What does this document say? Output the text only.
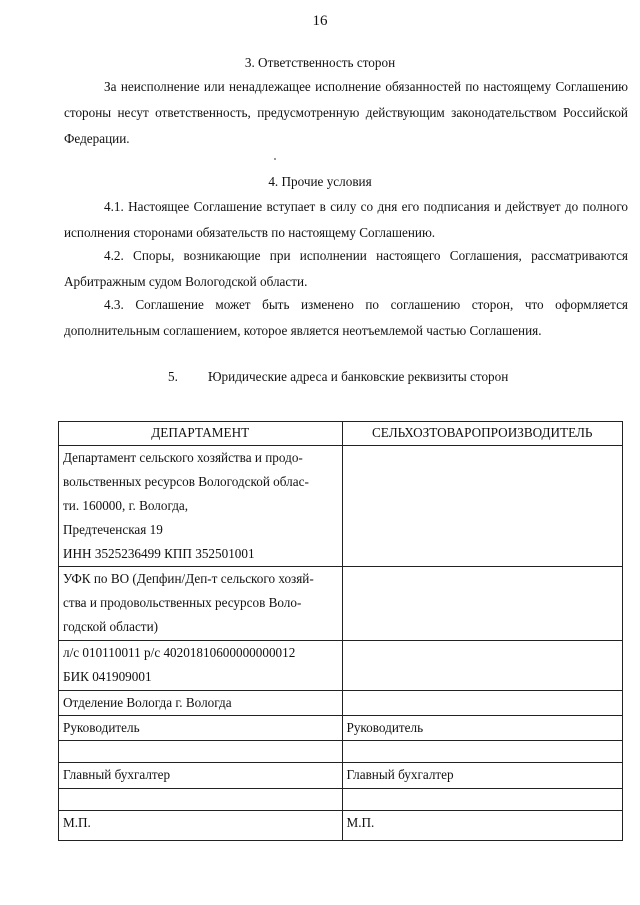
16
3. Ответственность сторон

За неисполнение или ненадлежащее исполнение обязанностей по настоящему Соглашению стороны несут ответственность, предусмотренную действующим законодательством Российской Федерации.

4. Прочие условия

4.1. Настоящее Соглашение вступает в силу со дня его подписания и действует до полного исполнения сторонами обязательств по настоящему Соглашению.

4.2. Споры, возникающие при исполнении настоящего Соглашения, рассматриваются Арбитражным судом Вологодской области.

4.3. Соглашение может быть изменено по соглашению сторон, что оформляется дополнительным соглашением, которое является неотъемлемой частью Соглашения.

5. Юридические адреса и банковские реквизиты сторон
ДЕПАРТАМЕНТ	СЕЛЬХОЗТОВАРОПРОИЗВОДИТЕЛЬ

Департамент сельского хозяйства и продо-
вольственных ресурсов Вологодской облас-
ти. 160000, г. Вологда,
Предтеченская 19
ИНН 3525236499 КПП 352501001	

УФК по ВО (Депфин/Деп-т сельского хозяй-
ства и продовольственных ресурсов Воло-
годской области)	

л/с 010110011 р/с 40201810600000000012
БИК 041909001	

Отделение Вологда г. Вологда	
Руководитель	Руководитель

Главный бухгалтер	Главный бухгалтер

М.П.	М.П.
